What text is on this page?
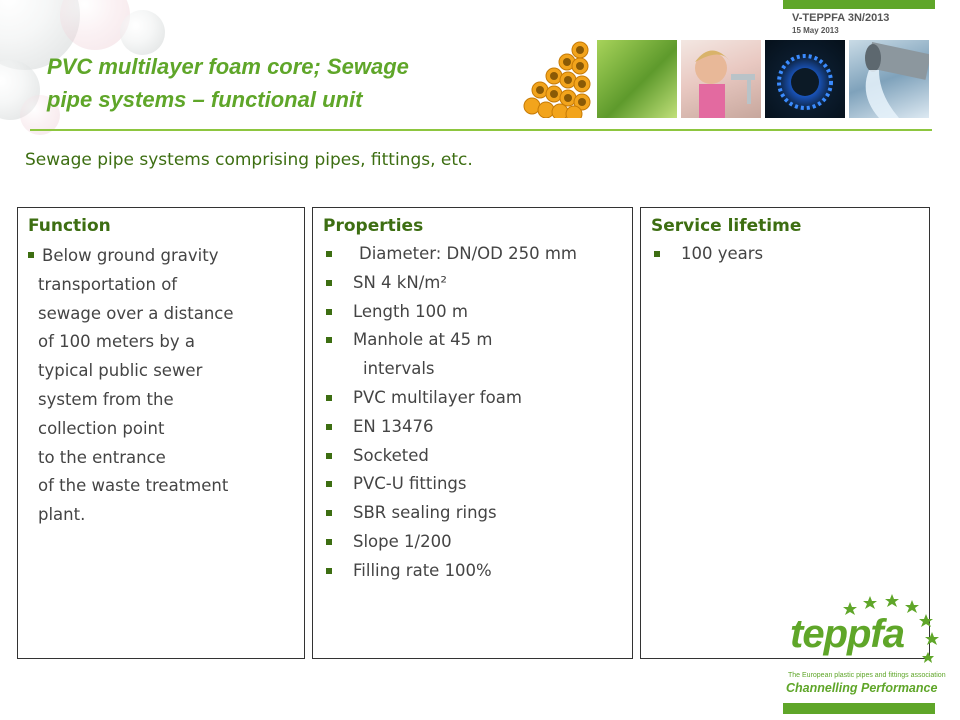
V-TEPPFA 3N/2013
15 May 2013
PVC multilayer foam core; Sewage
pipe systems – functional unit
Sewage pipe systems comprising pipes, fittings, etc.
Function
Below ground gravity
transportation of
sewage over a distance
of 100 meters by a
typical public sewer
system from the
collection point
to the entrance
of the waste treatment
plant.
Properties
Diameter: DN/OD 250 mm
SN 4 kN/m²
Length 100 m
Manhole at 45 m
intervals
PVC multilayer foam
EN 13476
Socketed
PVC-U fittings
SBR sealing rings
Slope 1/200
Filling rate 100%
Service lifetime
100 years
teppfa
The European plastic pipes and fittings association
Channelling Performance
